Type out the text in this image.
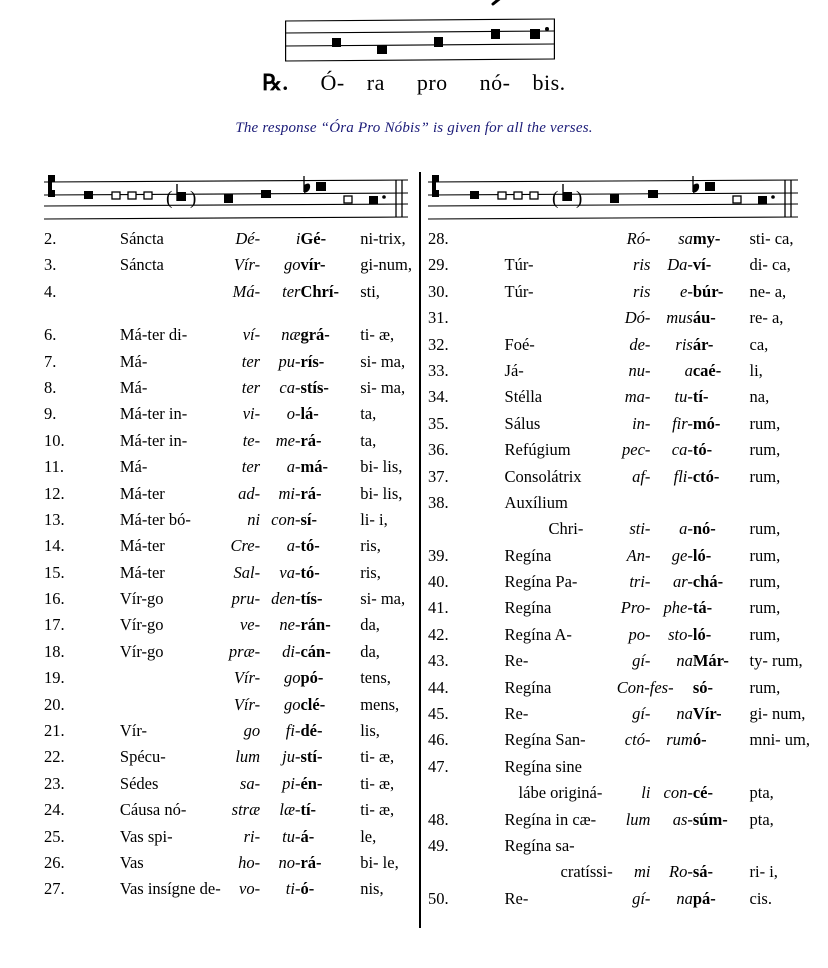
℞. Ó- ra pro nó- bis.
The response “Óra Pro Nóbis” is given for all the verses.
( )
2.	Sáncta	Dé-	i	Gé-	ni-trix,
3.	Sáncta	Vír-	go	vír-	gi-num,
4.		Má-	ter	Chrí-	sti,

6.	Má-ter di-	ví-	næ	grá-	ti- æ,
7.	Má-	ter	pu-	rís-	si- ma,
8.	Má-	ter	ca-	stís-	si- ma,
9.	Má-ter in-	vi-	o-	lá-	ta,
10.	Má-ter in-	te-	me-	rá-	ta,
11.	Má-	ter	a-	má-	bi- lis,
12.	Má-ter	ad-	mi-	rá-	bi- lis,
13.	Má-ter bó-	ni	con-	sí-	li- i,
14.	Má-ter	Cre-	a-	tó-	ris,
15.	Má-ter	Sal-	va-	tó-	ris,
16.	Vír-go	pru-	den-	tís-	si- ma,
17.	Vír-go	ve-	ne-	rán-	da,
18.	Vír-go	præ-	di-	cán-	da,
19.		Vír-	go	pó-	tens,
20.		Vír-	go	clé-	mens,
21.	Vír-	go	fi-	dé-	lis,
22.	Spécu-	lum	ju-	stí-	ti- æ,
23.	Sédes	sa-	pi-	én-	ti- æ,
24.	Cáusa nó-	stræ	læ-	tí-	ti- æ,
25.	Vas spi-	ri-	tu-	á-	le,
26.	Vas	ho-	no-	rá-	bi- le,
27.	Vas insígne de-	vo-	ti-	ó-	nis,
( )
28.		Ró-	sa	my-	sti- ca,
29.	Túr-	ris	Da-	ví-	di- ca,
30.	Túr-	ris	e-	búr-	ne- a,
31.		Dó-	mus	áu-	re- a,
32.	Foé-	de-	ris	ár-	ca,
33.	Já-	nu-	a	caé-	li,
34.	Stélla	ma-	tu-	tí-	na,
35.	Sálus	in-	fir-	mó-	rum,
36.	Refúgium	pec-	ca-	tó-	rum,
37.	Consolátrix	af-	fli-	ctó-	rum,
38.	Auxílium				
	Chri-	sti-	a-	nó-	rum,
39.	Regína	An-	ge-	ló-	rum,
40.	Regína Pa-	tri-	ar-	chá-	rum,
41.	Regína	Pro-	phe-	tá-	rum,
42.	Regína A-	po-	sto-	ló-	rum,
43.	Re-	gí-	na	Már-	ty- rum,
44.	Regína	Con-fes-		só-	rum,
45.	Re-	gí-	na	Vír-	gi- num,
46.	Regína San-	ctó-	rum	ó-	mni- um,
47.	Regína sine				
	lábe originá-	li	con-	cé-	pta,
48.	Regína in cæ-	lum	as-	súm-	pta,
49.	Regína sa-				
	cratíssi-	mi	Ro-	sá-	ri- i,
50.	Re-	gí-	na	pá-	cis.
